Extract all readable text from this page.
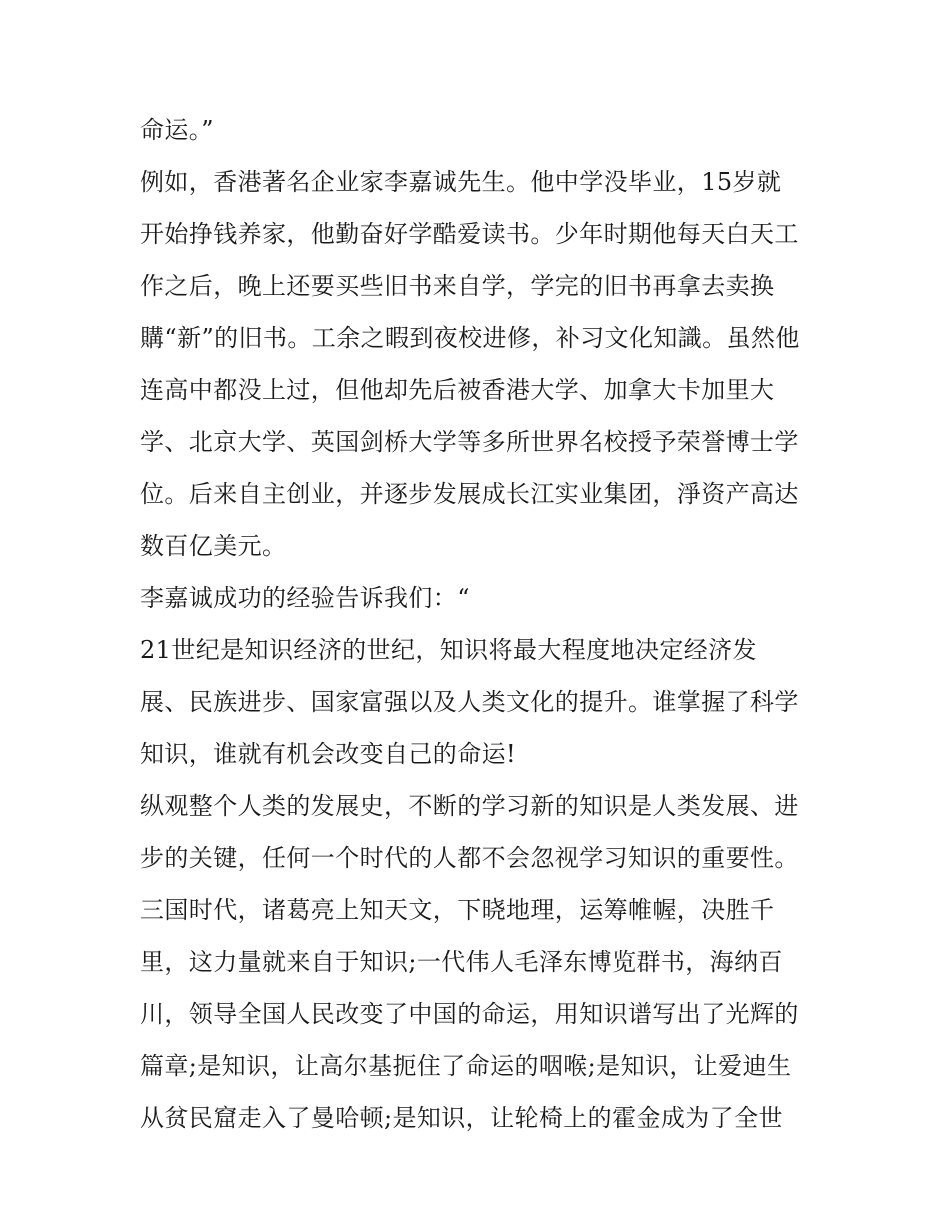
命运。”
例如，香港著名企业家李嘉诚先生。他中学没毕业，15岁就
开始挣钱养家，他勤奋好学酷爱读书。少年时期他每天白天工
作之后，晚上还要买些旧书来自学，学完的旧书再拿去卖换
購“新”的旧书。工余之暇到夜校进修，补习文化知識。虽然他
连高中都没上过，但他却先后被香港大学、加拿大卡加里大
学、北京大学、英国剑桥大学等多所世界名校授予荣誉博士学
位。后来自主创业，并逐步发展成长江实业集团，淨资产高达
数百亿美元。
李嘉诚成功的经验告诉我们：“
21世纪是知识经济的世纪，知识将最大程度地决定经济发
展、民族进步、国家富强以及人类文化的提升。谁掌握了科学
知识，谁就有机会改变自己的命运!
纵观整个人类的发展史，不断的学习新的知识是人类发展、进
步的关键，任何一个时代的人都不会忽视学习知识的重要性。
三国时代，诸葛亮上知天文，下晓地理，运筹帷幄，决胜千
里，这力量就来自于知识;一代伟人毛泽东博览群书，海纳百
川，领导全国人民改变了中国的命运，用知识谱写出了光辉的
篇章;是知识，让高尔基扼住了命运的咽喉;是知识，让爱迪生
从贫民窟走入了曼哈顿;是知识，让轮椅上的霍金成为了全世
